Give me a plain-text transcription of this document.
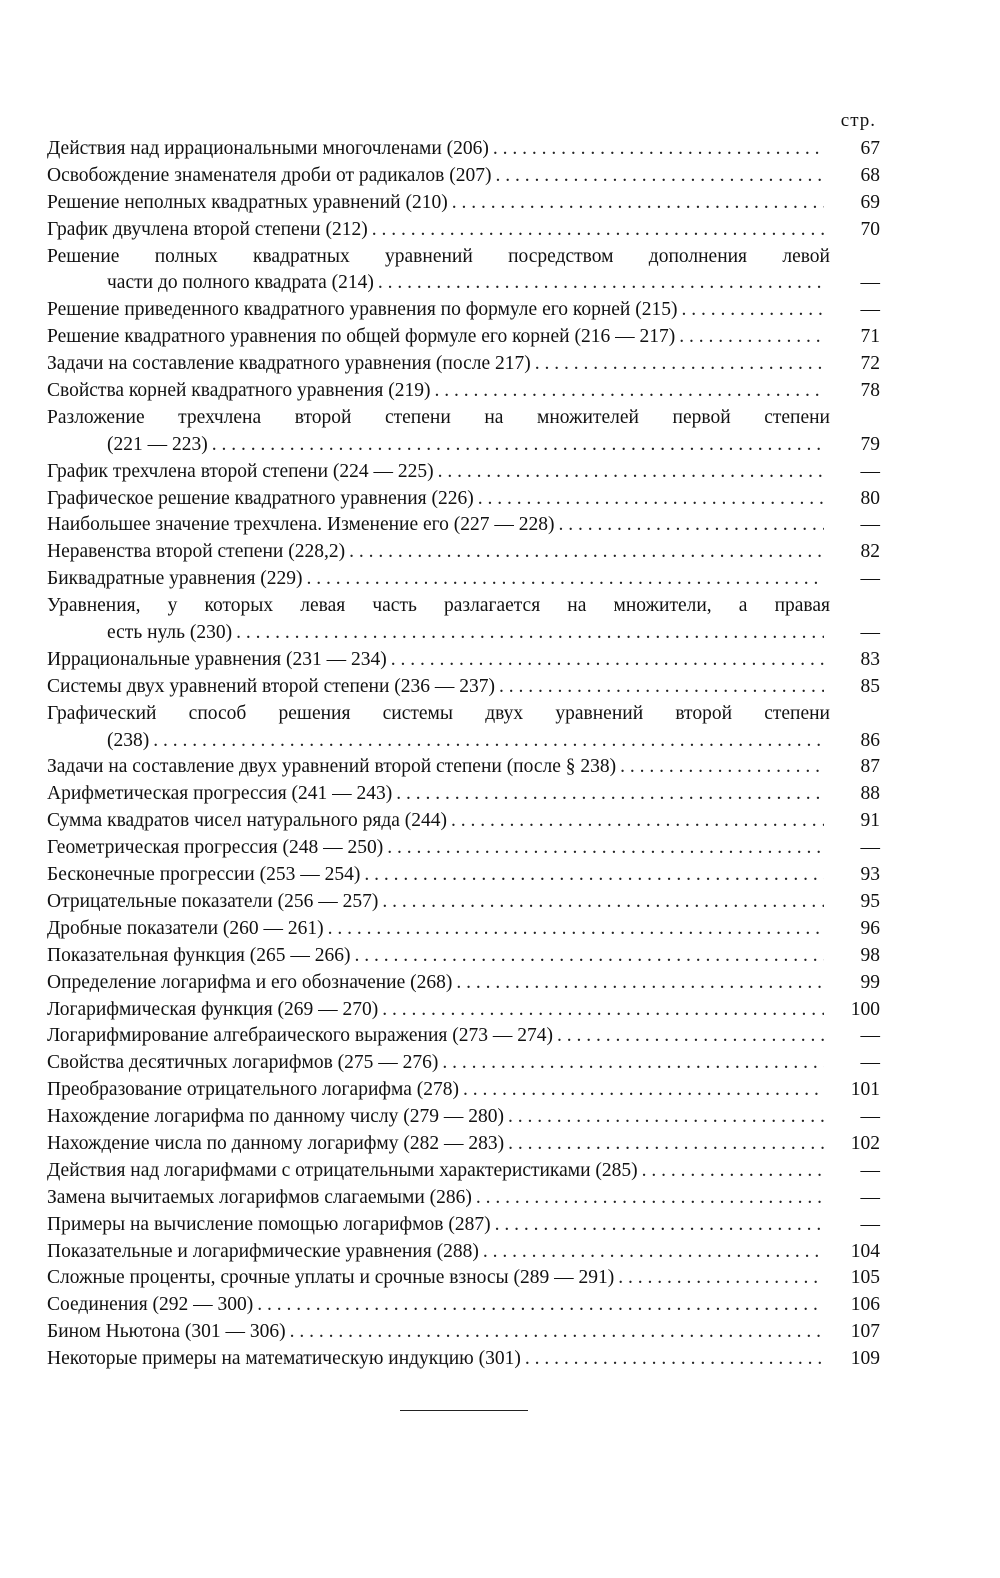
стр.
Действия над иррациональными многочленами (206) . . .	67
Освобождение знаменателя дроби от радикалов (207) . . .	68
Решение неполных квадратных уравнений (210) . . .	69
График двучлена второй степени (212) . . .	70
Решение полных квадратных уравнений посредством дополнения левой
части до полного квадрата (214) . . .	—
Решение приведенного квадратного уравнения по формуле его корней (215) . . .	—
Решение квадратного уравнения по общей формуле его корней (216 — 217) . . .	71
Задачи на составление квадратного уравнения (после 217) . . .	72
Свойства корней квадратного уравнения (219) . . .	78
Разложение трехчлена второй степени на множителей первой степени
(221 — 223) . . .	79
График трехчлена второй степени (224 — 225) . . .	—
Графическое решение квадратного уравнения (226) . . .	80
Наибольшее значение трехчлена. Изменение его (227 — 228) . . .	—
Неравенства второй степени (228,2) . . .	82
Биквадратные уравнения (229) . . .	—
Уравнения, у которых левая часть разлагается на множители, а правая
есть нуль (230) . . .	—
Иррациональные уравнения (231 — 234) . . .	83
Системы двух уравнений второй степени (236 — 237) . . .	85
Графический способ решения системы двух уравнений второй степени
(238) . . .	86
Задачи на составление двух уравнений второй степени (после § 238) . . .	87
Арифметическая прогрессия (241 — 243) . . .	88
Сумма квадратов чисел натурального ряда (244) . . .	91
Геометрическая прогрессия (248 — 250) . . .	—
Бесконечные прогрессии (253 — 254) . . .	93
Отрицательные показатели (256 — 257) . . .	95
Дробные показатели (260 — 261) . . .	96
Показательная функция (265 — 266) . . .	98
Определение логарифма и его обозначение (268) . . .	99
Логарифмическая функция (269 — 270) . . .	100
Логарифмирование алгебраического выражения (273 — 274) . . .	—
Свойства десятичных логарифмов (275 — 276) . . .	—
Преобразование отрицательного логарифма (278) . . .	101
Нахождение логарифма по данному числу (279 — 280) . . .	—
Нахождение числа по данному логарифму (282 — 283) . . .	102
Действия над логарифмами с отрицательными характеристиками (285) . . .	—
Замена вычитаемых логарифмов слагаемыми (286) . . .	—
Примеры на вычисление помощью логарифмов (287) . . .	—
Показательные и логарифмические уравнения (288) . . .	104
Сложные проценты, срочные уплаты и срочные взносы (289 — 291) . . .	105
Соединения (292 — 300) . . .	106
Бином Ньютона (301 — 306) . . .	107
Некоторые примеры на математическую индукцию (301) . . .	109
